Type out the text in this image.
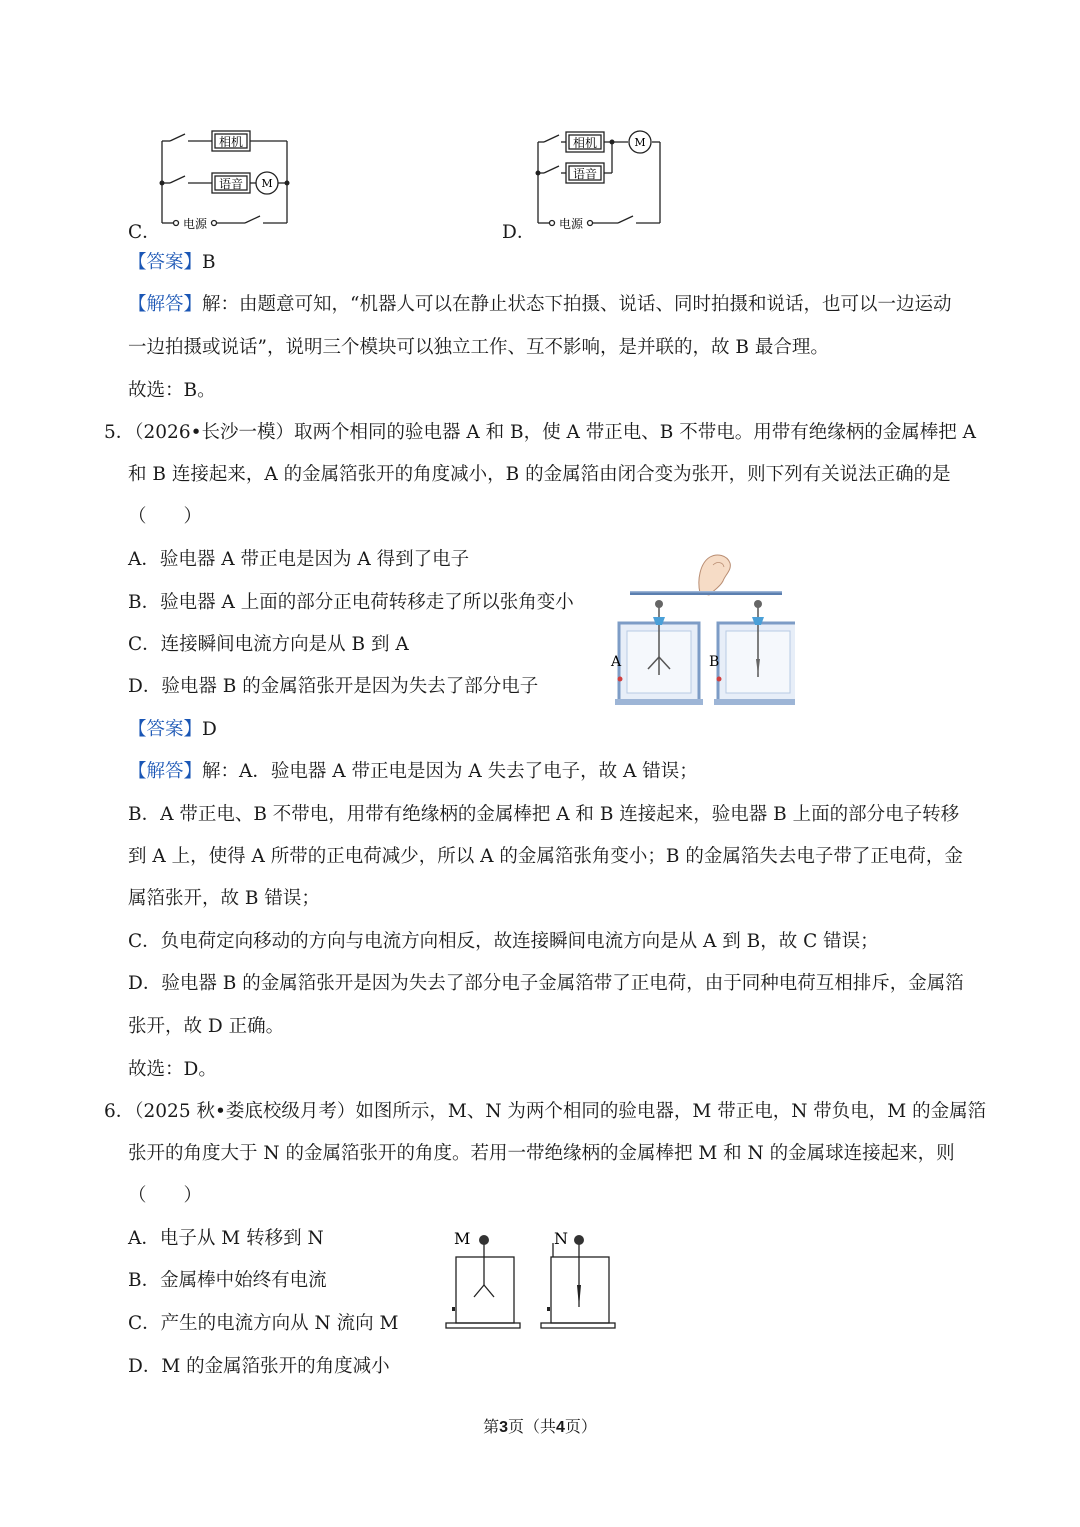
C．
相机
语音 M
电源	D．
相机
语音
M
电源
【答案】B
【解答】解：由题意可知，“机器人可以在静止状态下拍摄、说话、同时拍摄和说话，也可以一边运动
一边拍摄或说话”，说明三个模块可以独立工作、互不影响，是并联的，故 B 最合理。
故选：B。
5．（2026•长沙一模）取两个相同的验电器 A 和 B，使 A 带正电、B 不带电。用带有绝缘柄的金属棒把 A
和 B 连接起来，A 的金属箔张开的角度减小，B 的金属箔由闭合变为张开，则下列有关说法正确的是
（　　）
A．验电器 A 带正电是因为 A 得到了电子
B．验电器 A 上面的部分正电荷转移走了所以张角变小
C．连接瞬间电流方向是从 B 到 A
D．验电器 B 的金属箔张开是因为失去了部分电子
A	B
【答案】D
【解答】解：A．验电器 A 带正电是因为 A 失去了电子，故 A 错误；
B．A 带正电、B 不带电，用带有绝缘柄的金属棒把 A 和 B 连接起来，验电器 B 上面的部分电子转移
到 A 上，使得 A 所带的正电荷减少，所以 A 的金属箔张角变小；B 的金属箔失去电子带了正电荷，金
属箔张开，故 B 错误；
C．负电荷定向移动的方向与电流方向相反，故连接瞬间电流方向是从 A 到 B，故 C 错误；
D．验电器 B 的金属箔张开是因为失去了部分电子金属箔带了正电荷，由于同种电荷互相排斥，金属箔
张开，故 D 正确。
故选：D。
6．（2025 秋•娄底校级月考）如图所示，M、N 为两个相同的验电器，M 带正电，N 带负电，M 的金属箔
张开的角度大于 N 的金属箔张开的角度。若用一带绝缘柄的金属棒把 M 和 N 的金属球连接起来，则
（　　）
A．电子从 M 转移到 N
B．金属棒中始终有电流
C．产生的电流方向从 N 流向 M
D．M 的金属箔张开的角度减小
M	N
第3页（共4页）
